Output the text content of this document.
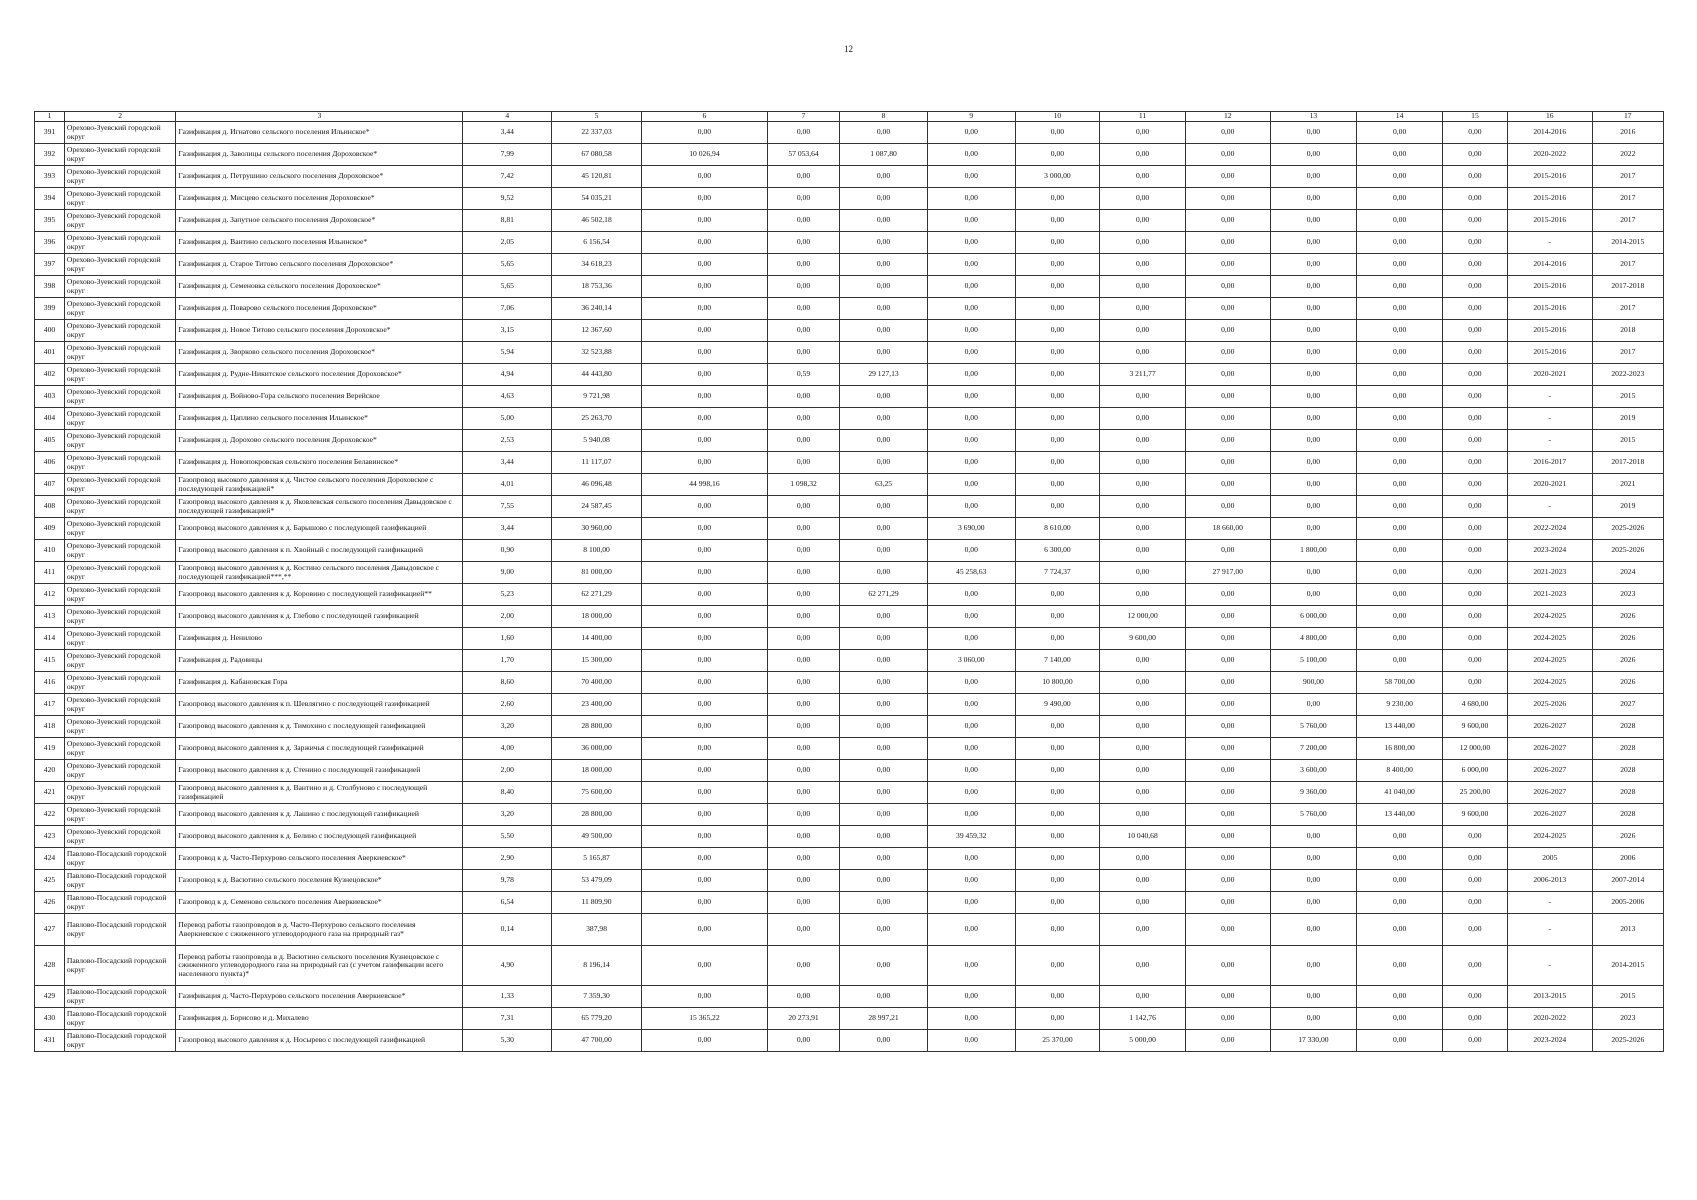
12
1	2	3	4	5	6	7	8	9	10	11	12	13	14	15	16	17
391	Орехово-Зуевский городской округ	Газификация д. Игнатово сельского поселения Ильинское*	3,44	22 337,03	0,00	0,00	0,00	0,00	0,00	0,00	0,00	0,00	0,00	0,00	2014-2016	2016
392	Орехово-Зуевский городской округ	Газификация д. Заволицы сельского поселения Дороховское*	7,99	67 080,58	10 026,94	57 053,64	1 087,80	0,00	0,00	0,00	0,00	0,00	0,00	0,00	2020-2022	2022
393	Орехово-Зуевский городской округ	Газификация д. Петрушино сельского поселения Дороховское*	7,42	45 120,81	0,00	0,00	0,00	0,00	3 000,00	0,00	0,00	0,00	0,00	0,00	2015-2016	2017
394	Орехово-Зуевский городской округ	Газификация д. Мисцево сельского поселения Дороховское*	9,52	54 035,21	0,00	0,00	0,00	0,00	0,00	0,00	0,00	0,00	0,00	0,00	2015-2016	2017
395	Орехово-Зуевский городской округ	Газификация д. Запутное сельского поселения Дороховское*	8,81	46 502,18	0,00	0,00	0,00	0,00	0,00	0,00	0,00	0,00	0,00	0,00	2015-2016	2017
396	Орехово-Зуевский городской округ	Газификация д. Вантино сельского поселения Ильинское*	2,05	6 156,54	0,00	0,00	0,00	0,00	0,00	0,00	0,00	0,00	0,00	0,00	-	2014-2015
397	Орехово-Зуевский городской округ	Газификация д. Старое Титово сельского поселения Дороховское*	5,65	34 618,23	0,00	0,00	0,00	0,00	0,00	0,00	0,00	0,00	0,00	0,00	2014-2016	2017
398	Орехово-Зуевский городской округ	Газификация д. Семеновка сельского поселения Дороховское*	5,65	18 753,36	0,00	0,00	0,00	0,00	0,00	0,00	0,00	0,00	0,00	0,00	2015-2016	2017-2018
399	Орехово-Зуевский городской округ	Газификация д. Поварово сельского поселения Дороховское*	7,06	36 240,14	0,00	0,00	0,00	0,00	0,00	0,00	0,00	0,00	0,00	0,00	2015-2016	2017
400	Орехово-Зуевский городской округ	Газификация д. Новое Титово сельского поселения Дороховское*	3,15	12 367,60	0,00	0,00	0,00	0,00	0,00	0,00	0,00	0,00	0,00	0,00	2015-2016	2018
401	Орехово-Зуевский городской округ	Газификация д. Зворково сельского поселения Дороховское*	5,94	32 523,88	0,00	0,00	0,00	0,00	0,00	0,00	0,00	0,00	0,00	0,00	2015-2016	2017
402	Орехово-Зуевский городской округ	Газификация д. Рудне-Никитское сельского поселения Дороховское*	4,94	44 443,80	0,00	0,59	29 127,13	0,00	0,00	3 211,77	0,00	0,00	0,00	0,00	2020-2021	2022-2023
403	Орехово-Зуевский городской округ	Газификация д. Войново-Гора сельского поселения Верейское	4,63	9 721,98	0,00	0,00	0,00	0,00	0,00	0,00	0,00	0,00	0,00	0,00	-	2015
404	Орехово-Зуевский городской округ	Газификация д. Цаплино сельского поселения Ильинское*	5,00	25 263,70	0,00	0,00	0,00	0,00	0,00	0,00	0,00	0,00	0,00	0,00	-	2019
405	Орехово-Зуевский городской округ	Газификация д. Дорохово сельского поселения Дороховское*	2,53	5 940,08	0,00	0,00	0,00	0,00	0,00	0,00	0,00	0,00	0,00	0,00	-	2015
406	Орехово-Зуевский городской округ	Газификация д. Новопокровская сельского поселения Белавинское*	3,44	11 117,07	0,00	0,00	0,00	0,00	0,00	0,00	0,00	0,00	0,00	0,00	2016-2017	2017-2018
407	Орехово-Зуевский городской округ	Газопровод высокого давления к д. Чистое сельского поселения Дороховское с последующей газификацией*	4,01	46 096,48	44 998,16	1 098,32	63,25	0,00	0,00	0,00	0,00	0,00	0,00	0,00	2020-2021	2021
408	Орехово-Зуевский городской округ	Газопровод высокого давления к д. Яковлевская сельского поселения Давыдовское с последующей газификацией*	7,55	24 587,45	0,00	0,00	0,00	0,00	0,00	0,00	0,00	0,00	0,00	0,00	-	2019
409	Орехово-Зуевский городской округ	Газопровод высокого давления к д. Барышово с последующей газификацией	3,44	30 960,00	0,00	0,00	0,00	3 690,00	8 610,00	0,00	18 660,00	0,00	0,00	0,00	2022-2024	2025-2026
410	Орехово-Зуевский городской округ	Газопровод высокого давления к п. Хвойный с последующей газификацией	0,90	8 100,00	0,00	0,00	0,00	0,00	6 300,00	0,00	0,00	1 800,00	0,00	0,00	2023-2024	2025-2026
411	Орехово-Зуевский городской округ	Газопровод высокого давления к д. Костино сельского поселения Давыдовское с последующей газификацией***,**	9,00	81 000,00	0,00	0,00	0,00	45 258,63	7 724,37	0,00	27 917,00	0,00	0,00	0,00	2021-2023	2024
412	Орехово-Зуевский городской округ	Газопровод высокого давления к д. Коровино с последующей газификацией**	5,23	62 271,29	0,00	0,00	62 271,29	0,00	0,00	0,00	0,00	0,00	0,00	0,00	2021-2023	2023
413	Орехово-Зуевский городской округ	Газопровод высокого давления к д. Глебово с последующей газификацией	2,00	18 000,00	0,00	0,00	0,00	0,00	0,00	12 000,00	0,00	6 000,00	0,00	0,00	2024-2025	2026
414	Орехово-Зуевский городской округ	Газификация д. Ненилово	1,60	14 400,00	0,00	0,00	0,00	0,00	0,00	9 600,00	0,00	4 800,00	0,00	0,00	2024-2025	2026
415	Орехово-Зуевский городской округ	Газификация д. Радовицы	1,70	15 300,00	0,00	0,00	0,00	3 060,00	7 140,00	0,00	0,00	5 100,00	0,00	0,00	2024-2025	2026
416	Орехово-Зуевский городской округ	Газификация д. Кабановская Гора	8,60	70 400,00	0,00	0,00	0,00	0,00	10 800,00	0,00	0,00	900,00	58 700,00	0,00	2024-2025	2026
417	Орехово-Зуевский городской округ	Газопровод высокого давления к п. Шевлягино с последующей газификацией	2,60	23 400,00	0,00	0,00	0,00	0,00	9 490,00	0,00	0,00	0,00	9 230,00	4 680,00	2025-2026	2027
418	Орехово-Зуевский городской округ	Газопровод высокого давления к д. Тимохино с последующей газификацией	3,20	28 800,00	0,00	0,00	0,00	0,00	0,00	0,00	0,00	5 760,00	13 440,00	9 600,00	2026-2027	2028
419	Орехово-Зуевский городской округ	Газопровод высокого давления к д. Заржичья с последующей газификацией	4,00	36 000,00	0,00	0,00	0,00	0,00	0,00	0,00	0,00	7 200,00	16 800,00	12 000,00	2026-2027	2028
420	Орехово-Зуевский городской округ	Газопровод высокого давления к д. Стенино с последующей газификацией	2,00	18 000,00	0,00	0,00	0,00	0,00	0,00	0,00	0,00	3 600,00	8 400,00	6 000,00	2026-2027	2028
421	Орехово-Зуевский городской округ	Газопровод высокого давления к д. Вантино и д. Столбуново с последующей газификацией	8,40	75 600,00	0,00	0,00	0,00	0,00	0,00	0,00	0,00	9 360,00	41 040,00	25 200,00	2026-2027	2028
422	Орехово-Зуевский городской округ	Газопровод высокого давления к д. Лашино с последующей газификацией	3,20	28 800,00	0,00	0,00	0,00	0,00	0,00	0,00	0,00	5 760,00	13 440,00	9 600,00	2026-2027	2028
423	Орехово-Зуевский городской округ	Газопровод высокого давления к д. Белино с последующей газификацией	5,50	49 500,00	0,00	0,00	0,00	39 459,32	0,00	10 040,68	0,00	0,00	0,00	0,00	2024-2025	2026
424	Павлово-Посадский городской округ	Газопровод к д. Часто-Перхурово сельского поселения Аверкиевское*	2,90	5 165,87	0,00	0,00	0,00	0,00	0,00	0,00	0,00	0,00	0,00	0,00	2005	2006
425	Павлово-Посадский городской округ	Газопровод к д. Васютино сельского поселения Кузнецовское*	9,78	53 479,09	0,00	0,00	0,00	0,00	0,00	0,00	0,00	0,00	0,00	0,00	2006-2013	2007-2014
426	Павлово-Посадский городской округ	Газопровод к д. Семеново сельского поселения Аверкиевское*	6,54	11 809,90	0,00	0,00	0,00	0,00	0,00	0,00	0,00	0,00	0,00	0,00	-	2005-2006
427	Павлово-Посадский городской округ	Перевод работы газопроводов в д. Часто-Перхурово сельского поселения Аверкиевское с сжиженного углеводородного газа на природный газ*	0,14	387,98	0,00	0,00	0,00	0,00	0,00	0,00	0,00	0,00	0,00	0,00	-	2013
428	Павлово-Посадский городской округ	Перевод работы газопровода в д. Васютино сельского поселения Кузнецовское с сжиженного углеводородного газа на природный газ (с учетом газификации всего населенного пункта)*	4,90	8 196,14	0,00	0,00	0,00	0,00	0,00	0,00	0,00	0,00	0,00	0,00	-	2014-2015
429	Павлово-Посадский городской округ	Газификация д. Часто-Перхурово сельского поселения Аверкиевское*	1,33	7 359,30	0,00	0,00	0,00	0,00	0,00	0,00	0,00	0,00	0,00	0,00	2013-2015	2015
430	Павлово-Посадский городской округ	Газификация д. Борисово и д. Михалево	7,31	65 779,20	15 365,22	20 273,91	28 997,21	0,00	0,00	1 142,76	0,00	0,00	0,00	0,00	2020-2022	2023
431	Павлово-Посадский городской округ	Газопровод высокого давления к д. Носырево с последующей газификацией	5,30	47 700,00	0,00	0,00	0,00	0,00	25 370,00	5 000,00	0,00	17 330,00	0,00	0,00	2023-2024	2025-2026
